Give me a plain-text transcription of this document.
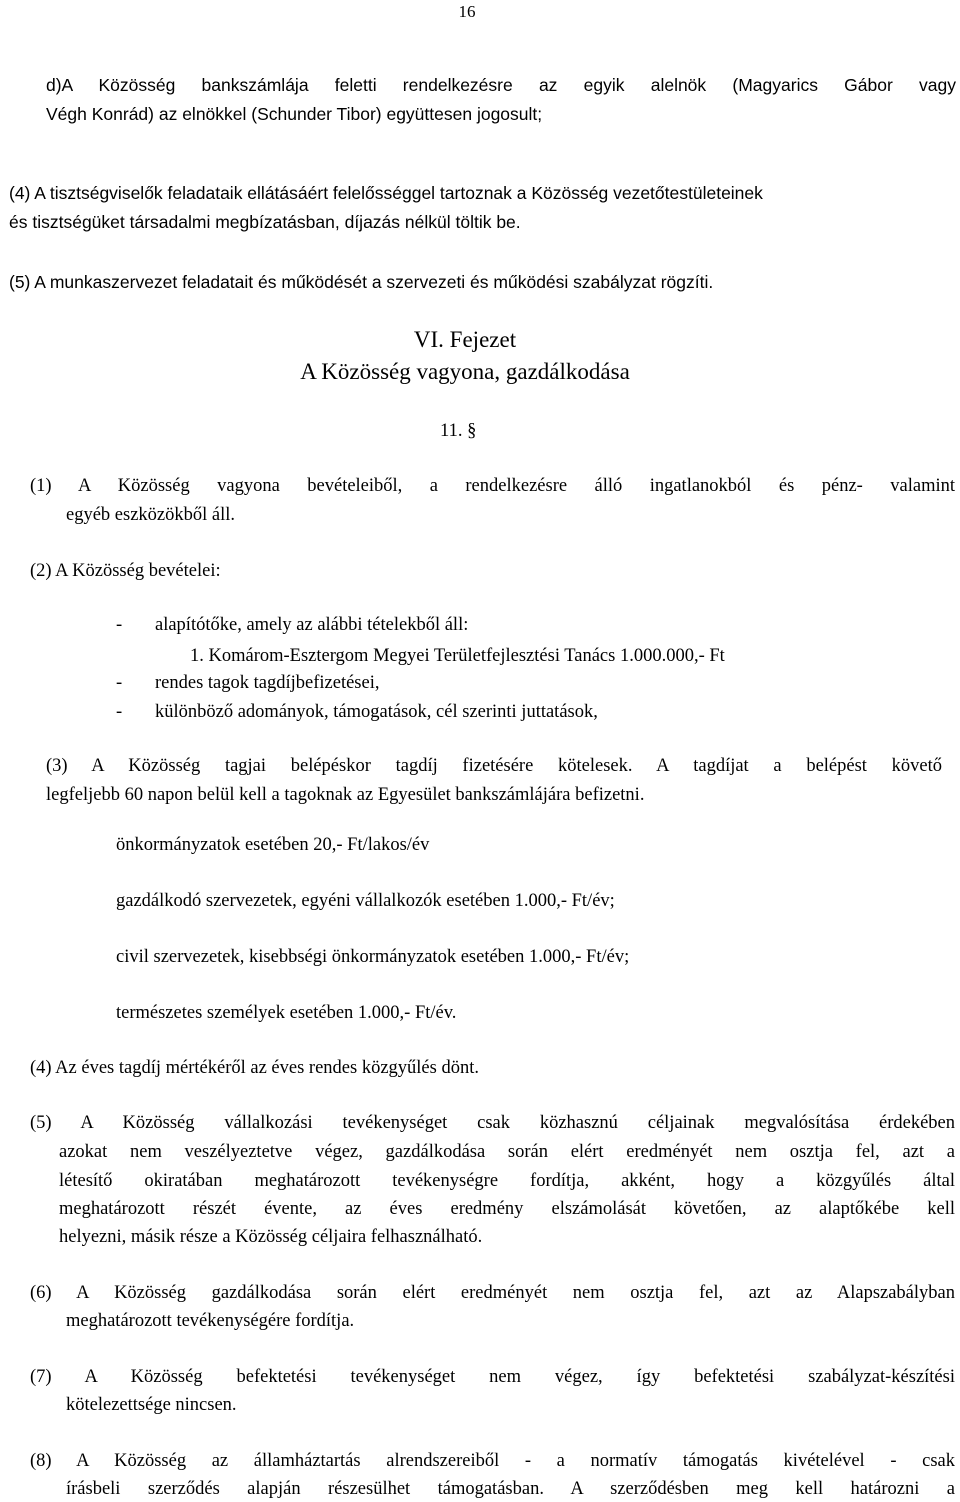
16
d)A Közösség bankszámlája feletti rendelkezésre az egyik alelnök (Magyarics Gábor vagy
Végh Konrád) az elnökkel (Schunder Tibor) együttesen jogosult;
(4) A tisztségviselők feladataik ellátásáért felelősséggel tartoznak a Közösség vezetőtestületeinek
és tisztségüket társadalmi megbízatásban, díjazás nélkül töltik be.
(5) A munkaszervezet feladatait és működését a szervezeti és működési szabályzat rögzíti.
VI. Fejezet
A Közösség vagyona, gazdálkodása
11. §
(1) A Közösség vagyona bevételeiből, a rendelkezésre álló ingatlanokból és pénz- valamint
egyéb eszközökből áll.
(2) A Közösség bevételei:
- alapítótőke, amely az alábbi tételekből áll:
1. Komárom-Esztergom Megyei Területfejlesztési Tanács 1.000.000,- Ft
- rendes tagok tagdíjbefizetései,
- különböző adományok, támogatások, cél szerinti juttatások,
(3) A Közösség tagjai belépéskor tagdíj fizetésére kötelesek. A tagdíjat a belépést követő
legfeljebb 60 napon belül kell a tagoknak az Egyesület bankszámlájára befizetni.
önkormányzatok esetében 20,- Ft/lakos/év
gazdálkodó szervezetek, egyéni vállalkozók esetében 1.000,- Ft/év;
civil szervezetek, kisebbségi önkormányzatok esetében 1.000,- Ft/év;
természetes személyek esetében 1.000,- Ft/év.
(4) Az éves tagdíj mértékéről az éves rendes közgyűlés dönt.
(5) A Közösség vállalkozási tevékenységet csak közhasznú céljainak megvalósítása érdekében
azokat nem veszélyeztetve végez, gazdálkodása során elért eredményét nem osztja fel, azt a
létesítő okiratában meghatározott tevékenységre fordítja, akként, hogy a közgyűlés által
meghatározott részét évente, az éves eredmény elszámolását követően, az alaptőkébe kell
helyezni, másik része a Közösség céljaira felhasználható.
(6) A Közösség gazdálkodása során elért eredményét nem osztja fel, azt az Alapszabályban
meghatározott tevékenységére fordítja.
(7) A Közösség befektetési tevékenységet nem végez, így befektetési szabályzat-készítési
kötelezettsége nincsen.
(8) A Közösség az államháztartás alrendszereiből - a normatív támogatás kivételével - csak
írásbeli szerződés alapján részesülhet támogatásban. A szerződésben meg kell határozni a
